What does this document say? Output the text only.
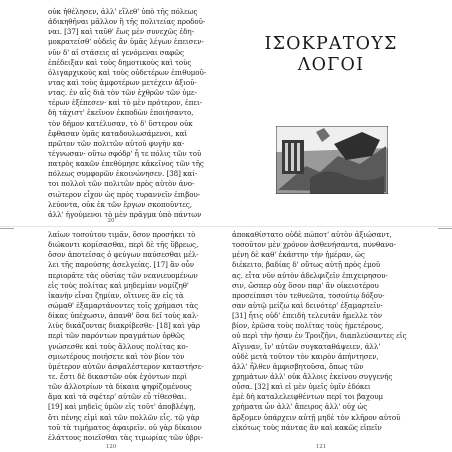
οὐκ ἠθέλησεν, ἀλλ' εἴλεθ' ὑπὸ τῆς πόλεως
ἀδικηθῆναι μᾶλλον ἢ τῆς πολιτείας προδοῦ-
ναι. [37] καὶ ταῦθ' ἕως μὲν συνεχῶς ἐδη-
μοκρατείσθ' οὐδεὶς ἂν ὑμᾶς λέγων ἐπεισεν-
νῦν δ' αἱ στάσεις αἱ γενόμεναι σαφῶς
ἐπέδειξαν καὶ τοὺς δημοτικοὺς καὶ τοὺς
ὀλιγαρχικοὺς καὶ τοὺς οὐδετέρων ἐπιθυμοῦ-
ντας καὶ τοὺς ἀμφοτέρων μετέχειν ἀξιοῦ-
ντας. ἐν αἷς διὰ τὸν τῶν ἐχθρῶν τῶν ὑμε-
τέρων ἐξέπεσεν· καὶ τὸ μὲν πρότερον, ἐπει-
δὴ τάχιστ' ἐκεῖνον ἐκποδὼν ἐποιήσαντο,
τὸν δῆμον κατέλυσαν, τὸ δ' ὕστερον οὐκ
ἔφθασαν ὑμᾶς καταδουλωσάμενοι, καὶ
πρῶτον τῶν πολιτῶν αὐτοῦ φυγὴν κα-
τέγνωσαν· οὕτω σφόδρ' ἦ τε πόλις τῶν τοῦ
πατρὸς κακῶν ἐπεθύμησε κἀκεῖνος τῶν τῆς
πόλεως συμφορῶν ἐκοινώνησεν. [38] καί-
τοι πολλοὶ τῶν πολιτῶν πρὸς αὐτὸν ἀνο-
σιώτερον εἶχον ὡς πρὸς τυραννεῖν ἐπιβου-
λεύοντα, οὐκ ἐκ τῶν ἔργων σκοποῦντες,
ἀλλ' ἡγούμενοι τὸ μὲν πρᾶγμα ὑπὸ πάντων
20
ΙΣΟΚΡΑΤΟΥΣ
ΛΟΓΟΙ
λαίων τοσούτου τιμᾶν, ὅσον προσήκει τὸ
διώκοντι κομίσασθαι, περὶ δὲ τῆς ὕβρεως,
ὅσον ἀποτείσας ὁ φεύγων παύσεσθαι μέλ-
λει τῆς παρούσης ἀσελγείας. [17] ἂν οὖν
περιορᾶτε τὰς οὐσίας τῶν νεανιευομένων
εἰς τοὺς πολίτας καὶ μηδεμίαν νομίζηθ'
ἱκανὴν εἶναι ζημίαν, οἵτινες ἂν εἰς τὰ
σώμαθ' ἐξαμαρτάνοντες τοῖς χρήμασι τὰς
δίκας ὑπέχωσιν, ἀπανθ' ὅσα δεῖ τοὺς καλ-
λιὺς δικάζοντας διακρίβεσθε· [18] καὶ γὰρ
περὶ τῶν παρόντων πραγμάτων ὀρθῶς
γνώσεσθε καὶ τοὺς ἄλλους πολίτας κο-
σμιωτέρους ποιήσετε καὶ τὸν βίον τὸν
ὑμέτερον αὐτῶν ἀσφαλέστερον καταστήσε-
τε. ἔστι δὲ δικαστῶν οὐκ ἐχόντων περὶ
τῶν ἀλλοτρίων τὰ δίκαια ψηφίζομένους
ἅμα καὶ τὰ σφέτερ' αὐτῶν εὖ τίθεσθαι.
[19] καὶ μηδεὶς ὑμῶν εἰς τοῦτ' ἀποβλέψῃ,
ὅτι πένης εἰμὶ καὶ τῶν πολλῶν εἷς. τῷ γὰρ
τοῦ τὰ τιμήματος ἀφαιρεῖν. οὐ γὰρ δίκαιον
ἐλάττους ποιεῖσθαι τὰς τιμωρίας τῶν ὑβρι-
120
ἀποκαθίστατο οὐδὲ πώποτ' αὐτὸν ἀξιώσαντ,
τοσοῦτον μὲν χρόνον ἀσθενήσαντα, πυνθανο-
μένη δὲ καθ' ἑκάστην τὴν ἡμέραν, ὡς
διέκειτο, βαδίας δ' οὕτως αὐτῇ πρὸς ἐμοῦ
ας. εἶτα νῦν αὐτὸν ἀδελφιζεῖν ἐπιχειρησου-
σιν, ὥσπερ οὐχ ὅσον παρ' ἂν οἰκειοτέρου
προσείπασι τὸν τεθνεῶτα, τοσούτῳ δόξου-
σαν αὐτῷ μείζω καὶ δεινότερ' ἐξαμαρτεῖν·
[31] ἧτις οὐδ' ἐπειδὴ τελευτᾶν ἤμελλε τὸν
βίον, ἐρῶσα τοὺς πολίτας τοὺς ἡμετέρους,
οὐ περὶ τὴν ἡσαν ἐν Τροιζῆνι, διαπλεύσαντες εἰς
Αἴγιναν, ἴν' αὐτῶν συγκαταθάψειεν, ἀλλ'
οὐδὲ μετὰ τοῦτον τὸν καιρὸν ἀπήντησεν,
ἀλλ' ἦλθεν ἀμφισβητοῦσα, ὅπως τῶν
χρημάτων ἀλλ' οὐκ ἄλλοις ἐκείνου συγγενής
οὖσα. [32] καὶ εἰ μὲν ὑμεῖς ὑμῖν ἐδόκει
ἐμὲ δὴ καταλελειφθέντων περί τοι βαχουμ
χρήματα ὧν ἀλλ' ἄπειρος ἀλλ' οὐχ ὡς
ἄρξομεν ὑπάρχειν αὐτῇ μηδὲ τὸν κλῆρον αὐτοῦ
εἰκότως τοὺς πάντας ἂν καὶ κακῶς εἰπεῖν
121
